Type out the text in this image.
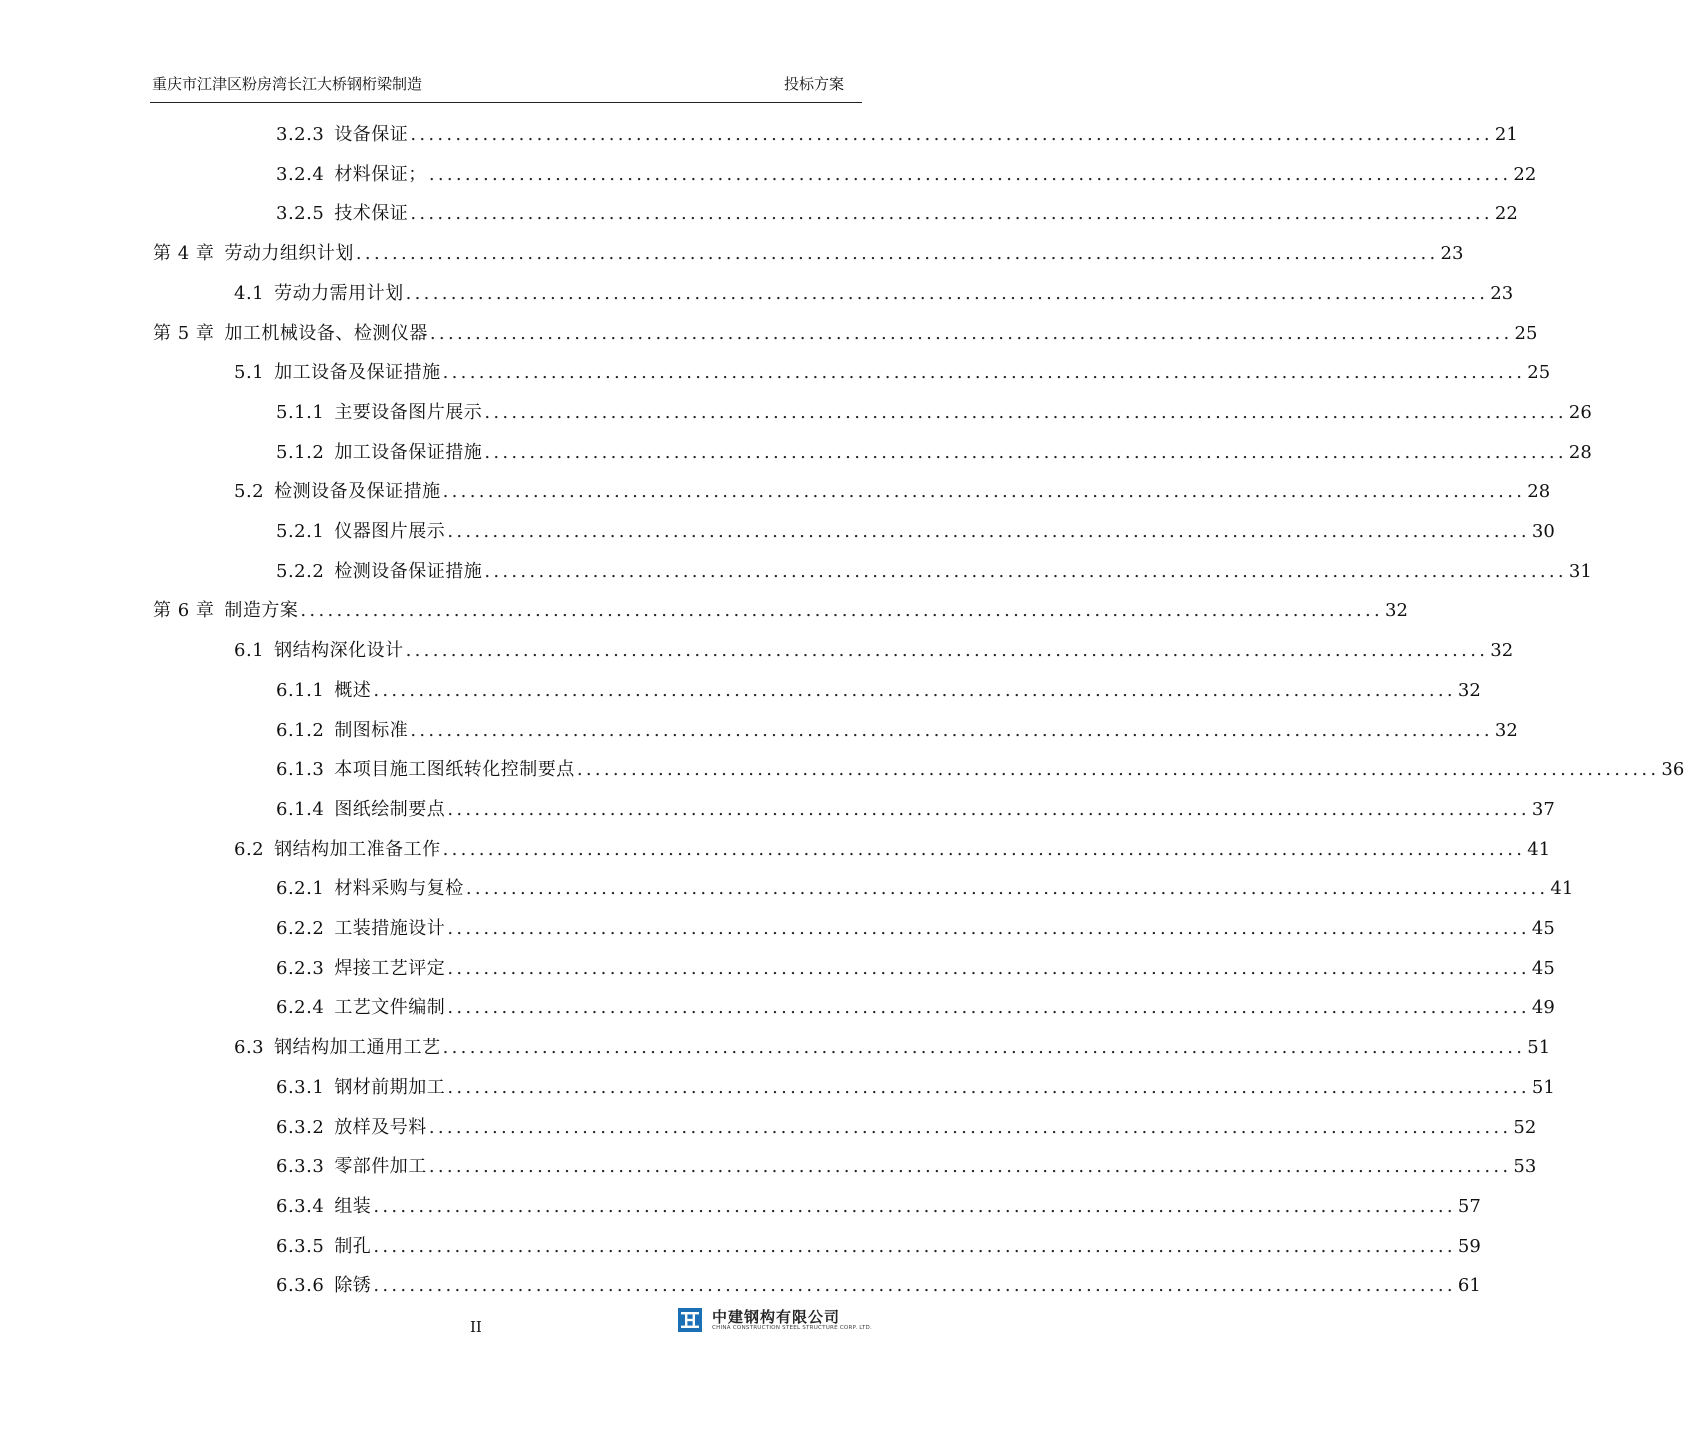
重庆市江津区粉房湾长江大桥钢桁梁制造	投标方案
3.2.3 设备保证 ........................................................................................................................ 21
3.2.4 材料保证； ........................................................................................................................ 22
3.2.5 技术保证 ........................................................................................................................ 22
第 4 章 劳动力组织计划 ........................................................................................................................ 23
4.1 劳动力需用计划 ........................................................................................................................ 23
第 5 章 加工机械设备、检测仪器 ........................................................................................................................ 25
5.1 加工设备及保证措施 ........................................................................................................................ 25
5.1.1 主要设备图片展示 ........................................................................................................................ 26
5.1.2 加工设备保证措施 ........................................................................................................................ 28
5.2 检测设备及保证措施 ........................................................................................................................ 28
5.2.1 仪器图片展示 ........................................................................................................................ 30
5.2.2 检测设备保证措施 ........................................................................................................................ 31
第 6 章 制造方案 ........................................................................................................................ 32
6.1 钢结构深化设计 ........................................................................................................................ 32
6.1.1 概述 ........................................................................................................................ 32
6.1.2 制图标准 ........................................................................................................................ 32
6.1.3 本项目施工图纸转化控制要点 ........................................................................................................................ 36
6.1.4 图纸绘制要点 ........................................................................................................................ 37
6.2 钢结构加工准备工作 ........................................................................................................................ 41
6.2.1 材料采购与复检 ........................................................................................................................ 41
6.2.2 工装措施设计 ........................................................................................................................ 45
6.2.3 焊接工艺评定 ........................................................................................................................ 45
6.2.4 工艺文件编制 ........................................................................................................................ 49
6.3 钢结构加工通用工艺 ........................................................................................................................ 51
6.3.1 钢材前期加工 ........................................................................................................................ 51
6.3.2 放样及号料 ........................................................................................................................ 52
6.3.3 零部件加工 ........................................................................................................................ 53
6.3.4 组装 ........................................................................................................................ 57
6.3.5 制孔 ........................................................................................................................ 59
6.3.6 除锈 ........................................................................................................................ 61
II
中建钢构有限公司
CHINA CONSTRUCTION STEEL STRUCTURE CORP. LTD.
